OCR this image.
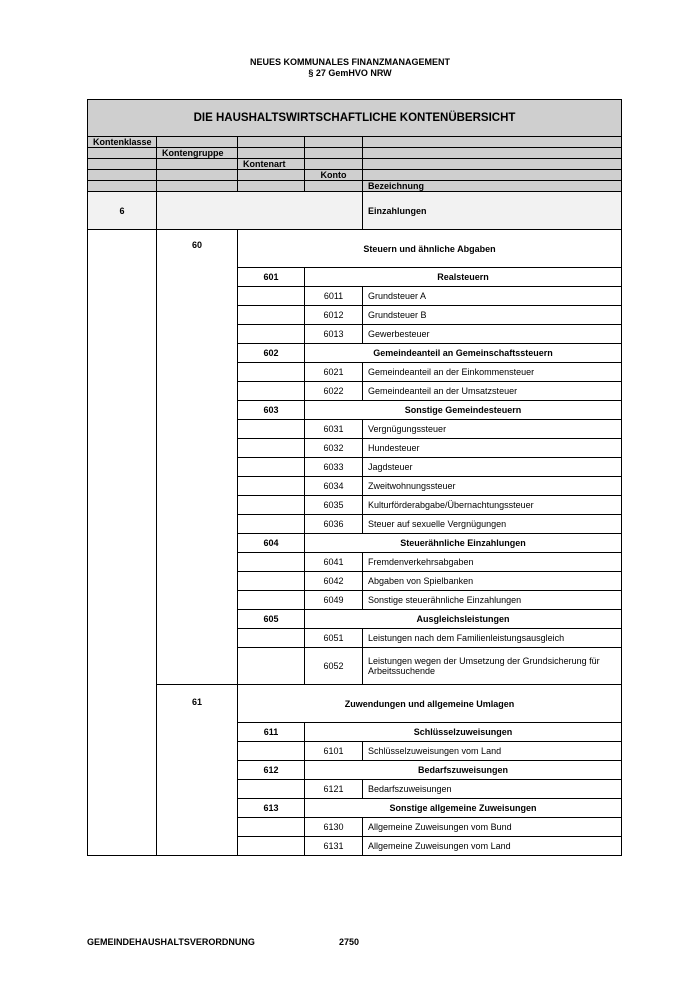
NEUES KOMMUNALES FINANZMANAGEMENT
§ 27 GemHVO NRW
DIE HAUSHALTSWIRTSCHAFTLICHE KONTENÜBERSICHT				
Kontenklasse				
	Kontengruppe			
		Kontenart		
			Konto	
				Bezeichnung
6				Einzahlungen
	60	Steuern und ähnliche Abgaben		
		601	Realsteuern	
			6011	Grundsteuer A
			6012	Grundsteuer B
			6013	Gewerbesteuer
		602	Gemeindeanteil an Gemeinschaftssteuern	
			6021	Gemeindeanteil an der Einkommensteuer
			6022	Gemeindeanteil an der Umsatzsteuer
		603	Sonstige Gemeindesteuern	
			6031	Vergnügungssteuer
			6032	Hundesteuer
			6033	Jagdsteuer
			6034	Zweitwohnungssteuer
			6035	Kulturförderabgabe/Übernachtungssteuer
			6036	Steuer auf sexuelle Vergnügungen
		604	Steuerähnliche Einzahlungen	
			6041	Fremdenverkehrsabgaben
			6042	Abgaben von Spielbanken
			6049	Sonstige steuerähnliche Einzahlungen
		605	Ausgleichsleistungen	
			6051	Leistungen nach dem Familienleistungsausgleich
			6052	Leistungen wegen der Umsetzung der Grundsicherung für Arbeitssuchende
	61	Zuwendungen und allgemeine Umlagen		
		611	Schlüsselzuweisungen	
			6101	Schlüsselzuweisungen vom Land
		612	Bedarfszuweisungen	
			6121	Bedarfszuweisungen
		613	Sonstige allgemeine Zuweisungen	
			6130	Allgemeine Zuweisungen vom Bund
			6131	Allgemeine Zuweisungen vom Land
GEMEINDEHAUSHALTSVERORDNUNG	2750
